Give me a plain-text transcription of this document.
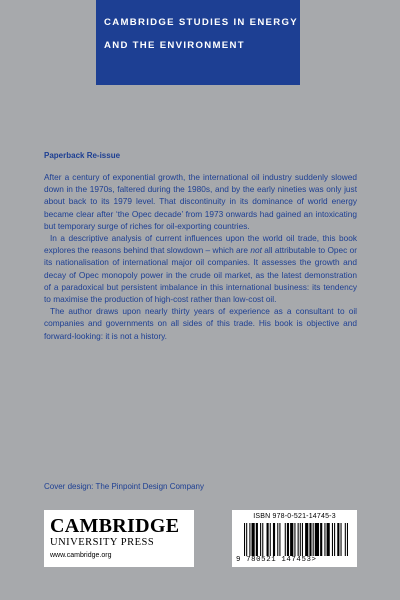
CAMBRIDGE STUDIES IN ENERGY
AND THE ENVIRONMENT
Paperback Re-issue

After a century of exponential growth, the international oil industry suddenly slowed down in the 1970s, faltered during the 1980s, and by the early nineties was only just about back to its 1979 level. That discontinuity in its dominance of world energy became clear after ‘the Opec decade’ from 1973 onwards had gained an intoxicating but temporary surge of riches for oil-exporting countries.

In a descriptive analysis of current influences upon the world oil trade, this book explores the reasons behind that slowdown – which are not all attributable to Opec or its nationalisation of international major oil companies. It assesses the growth and decay of Opec monopoly power in the crude oil market, as the latest demonstration of a paradoxical but persistent imbalance in this international business: its tendency to maximise the production of high-cost rather than low-cost oil.

The author draws upon nearly thirty years of experience as a consultant to oil companies and governments on all sides of this trade. His book is objective and forward-looking: it is not a history.

Cover design: The Pinpoint Design Company
CAMBRIDGE
UNIVERSITY PRESS
www.cambridge.org
ISBN 978-0-521-14745-3
9 780521 147453>
